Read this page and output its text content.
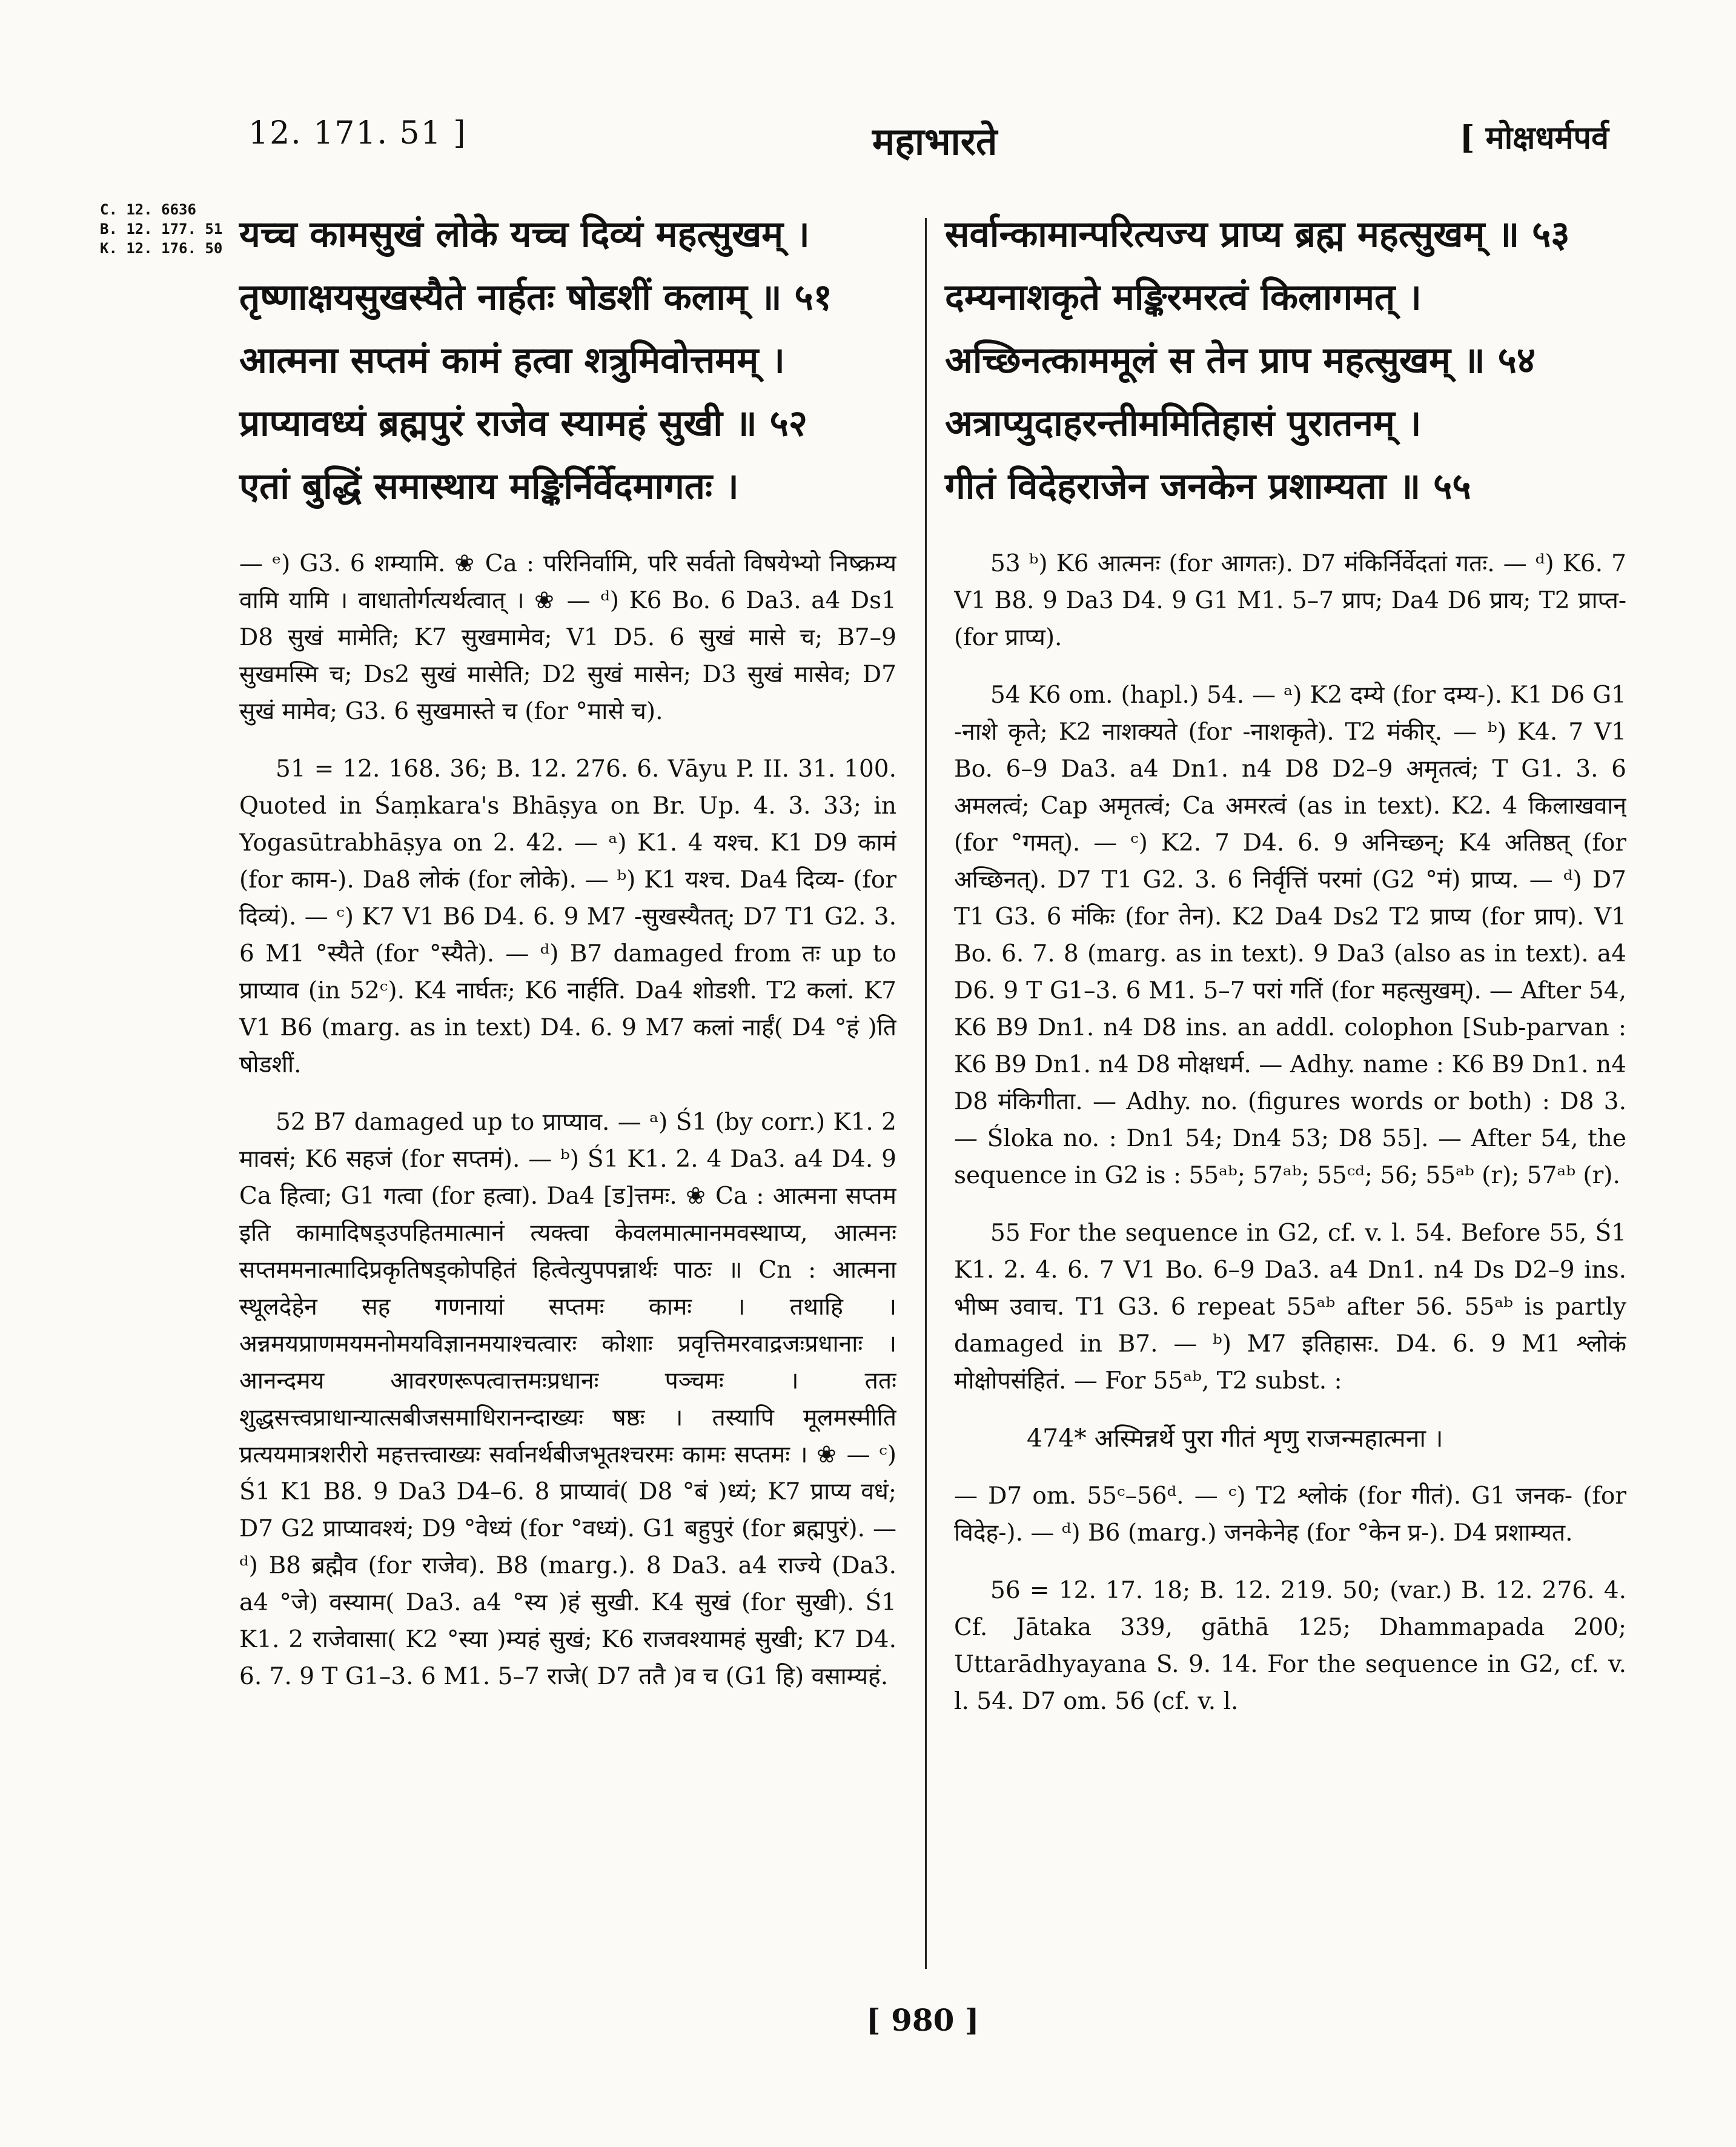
12. 171. 51 ]	महाभारते	[ मोक्षधर्मपर्व
C. 12. 6636
B. 12. 177. 51
K. 12. 176. 50 यच्च कामसुखं लोके यच्च दिव्यं महत्सुखम् ।
तृष्णाक्षयसुखस्यैते नार्हतः षोडशीं कलाम् ॥ ५१
आत्मना सप्तमं कामं हत्वा शत्रुमिवोत्तमम् ।
प्राप्यावध्यं ब्रह्मपुरं राजेव स्यामहं सुखी ॥ ५२
एतां बुद्धिं समास्थाय मङ्किर्निर्वेदमागतः ।
सर्वान्कामान्परित्यज्य प्राप्य ब्रह्म महत्सुखम् ॥ ५३
दम्यनाशकृते मङ्किरमरत्वं किलागमत् ।
अच्छिनत्काममूलं स तेन प्राप महत्सुखम् ॥ ५४
अत्राप्युदाहरन्तीममितिहासं पुरातनम् ।
गीतं विदेहराजेन जनकेन प्रशाम्यता ॥ ५५

— ᵉ) G3. 6 शम्यामि. ❀ Ca : परिनिर्वामि, परि सर्वतो विषयेभ्यो निष्क्रम्य वामि यामि । वाधातोर्गत्यर्थत्वात् । ❀ — ᵈ) K6 Bo. 6 Da3. a4 Ds1 D8 सुखं मामेति; K7 सुखमामेव; V1 D5. 6 सुखं मासे च; B7–9 सुखमस्मि च; Ds2 सुखं मासेति; D2 सुखं मासेन; D3 सुखं मासेव; D7 सुखं मामेव; G3. 6 सुखमास्ते च (for °मासे च).

51 = 12. 168. 36; B. 12. 276. 6. Vāyu P. II. 31. 100. Quoted in Śaṃkara's Bhāṣya on Br. Up. 4. 3. 33; in Yogasūtrabhāṣya on 2. 42. — ᵃ) K1. 4 यश्च. K1 D9 कामं (for काम-). Da8 लोकं (for लोके). — ᵇ) K1 यश्च. Da4 दिव्य- (for दिव्यं). — ᶜ) K7 V1 B6 D4. 6. 9 M7 -सुखस्यैतत्; D7 T1 G2. 3. 6 M1 °स्यैते (for °स्यैते). — ᵈ) B7 damaged from तः up to प्राप्याव (in 52ᶜ). K4 नार्घतः; K6 नार्हति. Da4 शोडशी. T2 कलां. K7 V1 B6 (marg. as in text) D4. 6. 9 M7 कलां नार्हं( D4 °हं )ति षोडशीं.

52 B7 damaged up to प्राप्याव. — ᵃ) Ś1 (by corr.) K1. 2 मावसं; K6 सहजं (for सप्तमं). — ᵇ) Ś1 K1. 2. 4 Da3. a4 D4. 9 Ca हित्वा; G1 गत्वा (for हत्वा). Da4 [ड]त्तमः. ❀ Ca : आत्मना सप्तम इति कामादिषड्उपहितमात्मानं त्यक्त्वा केवलमात्मानमवस्थाप्य, आत्मनः सप्तममनात्मादिप्रकृतिषड्कोपहितं हित्वेत्युपपन्नार्थः पाठः ॥ Cn : आत्मना स्थूलदेहेन सह गणनायां सप्तमः कामः । तथाहि । अन्नमयप्राणमयमनोमयविज्ञानमयाश्चत्वारः कोशाः प्रवृत्तिमरवाद्रजःप्रधानाः । आनन्दमय आवरणरूपत्वात्तमःप्रधानः पञ्चमः । ततः शुद्धसत्त्वप्राधान्यात्सबीजसमाधिरानन्दाख्यः षष्ठः । तस्यापि मूलमस्मीति प्रत्ययमात्रशरीरो महत्तत्त्वाख्यः सर्वानर्थबीजभूतश्चरमः कामः सप्तमः । ❀ — ᶜ) Ś1 K1 B8. 9 Da3 D4–6. 8 प्राप्यावं( D8 °बं )ध्यं; K7 प्राप्य वधं; D7 G2 प्राप्यावश्यं; D9 °वेध्यं (for °वध्यं). G1 बहुपुरं (for ब्रह्मपुरं). — ᵈ) B8 ब्रह्मैव (for राजेव). B8 (marg.). 8 Da3. a4 राज्ये (Da3. a4 °जे) वस्याम( Da3. a4 °स्य )हं सुखी. K4 सुखं (for सुखी). Ś1 K1. 2 राजेवासा( K2 °स्या )म्यहं सुखं; K6 राजवश्यामहं सुखी; K7 D4. 6. 7. 9 T G1–3. 6 M1. 5–7 राजे( D7 ततै )व च (G1 हि) वसाम्यहं.

53 ᵇ) K6 आत्मनः (for आगतः). D7 मंकिर्निर्वेदतां गतः. — ᵈ) K6. 7 V1 B8. 9 Da3 D4. 9 G1 M1. 5–7 प्राप; Da4 D6 प्राय; T2 प्राप्त- (for प्राप्य).

54 K6 om. (hapl.) 54. — ᵃ) K2 दम्ये (for दम्य-). K1 D6 G1 -नाशे कृते; K2 नाशक्यते (for -नाशकृते). T2 मंकीर्. — ᵇ) K4. 7 V1 Bo. 6–9 Da3. a4 Dn1. n4 D8 D2–9 अमृतत्वं; T G1. 3. 6 अमलत्वं; Cap अमृतत्वं; Ca अमरत्वं (as in text). K2. 4 किलाखवान् (for °गमत्). — ᶜ) K2. 7 D4. 6. 9 अनिच्छन्; K4 अतिष्ठत् (for अच्छिनत्). D7 T1 G2. 3. 6 निर्वृत्तिं परमां (G2 °मं) प्राप्य. — ᵈ) D7 T1 G3. 6 मंकिः (for तेन). K2 Da4 Ds2 T2 प्राप्य (for प्राप). V1 Bo. 6. 7. 8 (marg. as in text). 9 Da3 (also as in text). a4 D6. 9 T G1–3. 6 M1. 5–7 परां गतिं (for महत्सुखम्). — After 54, K6 B9 Dn1. n4 D8 ins. an addl. colophon [Sub-parvan : K6 B9 Dn1. n4 D8 मोक्षधर्म. — Adhy. name : K6 B9 Dn1. n4 D8 मंकिगीता. — Adhy. no. (figures words or both) : D8 3. — Śloka no. : Dn1 54; Dn4 53; D8 55]. — After 54, the sequence in G2 is : 55ᵃᵇ; 57ᵃᵇ; 55ᶜᵈ; 56; 55ᵃᵇ (r); 57ᵃᵇ (r).

55 For the sequence in G2, cf. v. l. 54. Before 55, Ś1 K1. 2. 4. 6. 7 V1 Bo. 6–9 Da3. a4 Dn1. n4 Ds D2–9 ins. भीष्म उवाच. T1 G3. 6 repeat 55ᵃᵇ after 56. 55ᵃᵇ is partly damaged in B7. — ᵇ) M7 इतिहासः. D4. 6. 9 M1 श्लोकं मोक्षोपसंहितं. — For 55ᵃᵇ, T2 subst. :

474* अस्मिन्नर्थे पुरा गीतं शृणु राजन्महात्मना ।

— D7 om. 55ᶜ–56ᵈ. — ᶜ) T2 श्लोकं (for गीतं). G1 जनक- (for विदेह-). — ᵈ) B6 (marg.) जनकेनेह (for °केन प्र-). D4 प्रशाम्यत.

56 = 12. 17. 18; B. 12. 219. 50; (var.) B. 12. 276. 4. Cf. Jātaka 339, gāthā 125; Dhammapada 200; Uttarādhyayana S. 9. 14. For the sequence in G2, cf. v. l. 54. D7 om. 56 (cf. v. l.

[ 980 ]
